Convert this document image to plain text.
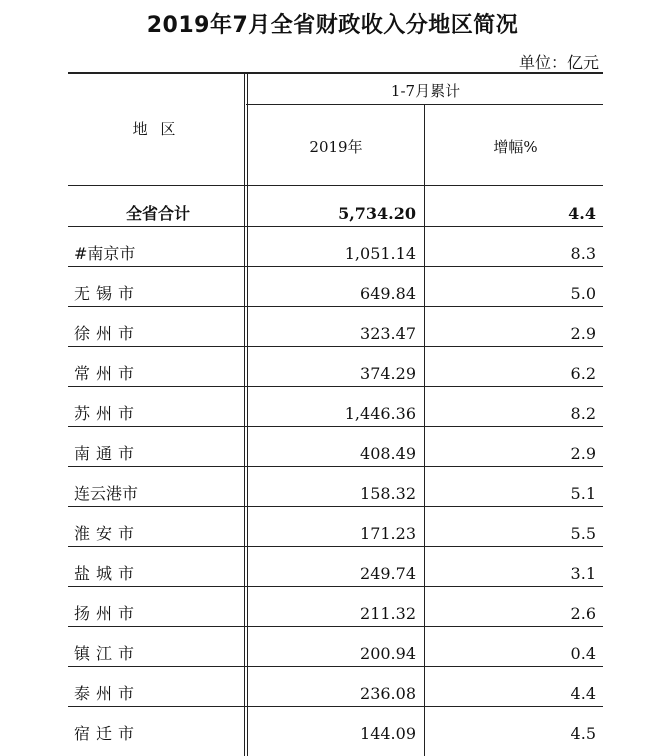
2019年7月全省财政收入分地区简况
单位：亿元
地 区
1-7月累计
2019年	增幅%
全省合计	5,734.20	4.4
#南京市	1,051.14	8.3
无锡市	649.84	5.0
徐州市	323.47	2.9
常州市	374.29	6.2
苏州市	1,446.36	8.2
南通市	408.49	2.9
连云港市	158.32	5.1
淮安市	171.23	5.5
盐城市	249.74	3.1
扬州市	211.32	2.6
镇江市	200.94	0.4
泰州市	236.08	4.4
宿迁市	144.09	4.5
